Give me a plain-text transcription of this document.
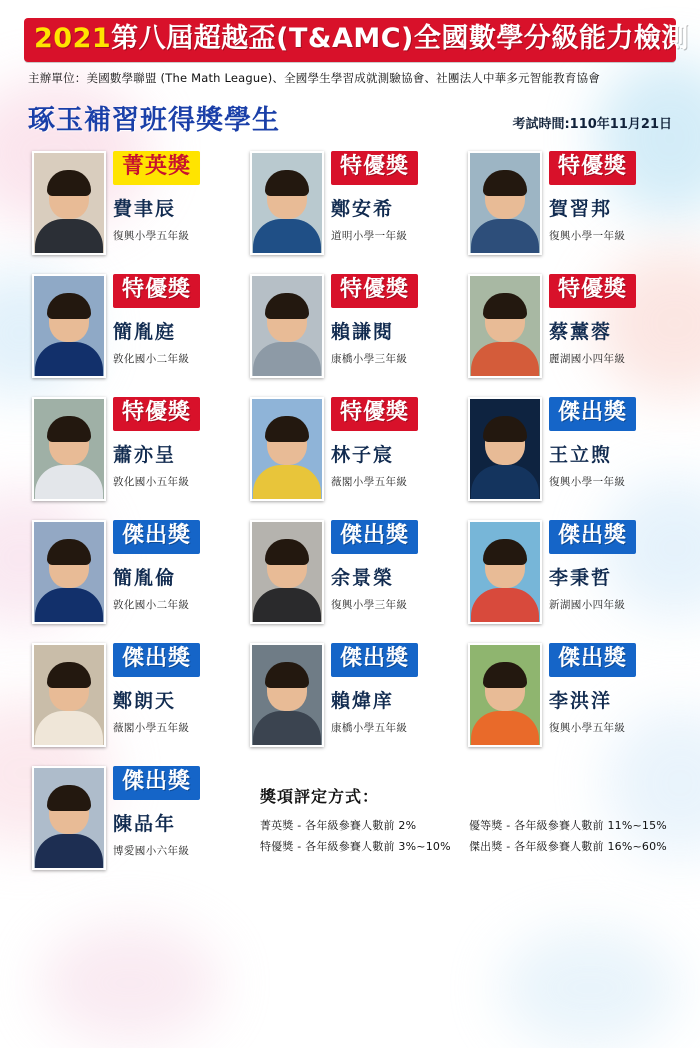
2021第八屆超越盃(T&AMC)全國數學分級能力檢測
主辦單位：美國數學聯盟 (The Math League)、全國學生學習成就測驗協會、社團法人中華多元智能教育協會
琢玉補習班得獎學生	考試時間:110年11月21日
菁英獎
費聿辰
復興小學五年級
特優獎
鄭安希
道明小學一年級
特優獎
賀習邦
復興小學一年級
特優獎
簡胤庭
敦化國小二年級
特優獎
賴謙閱
康橋小學三年級
特優獎
蔡薰蓉
麗湖國小四年級
特優獎
蕭亦呈
敦化國小五年級
特優獎
林子宸
薇閣小學五年級
傑出獎
王立煦
復興小學一年級
傑出獎
簡胤倫
敦化國小二年級
傑出獎
余景榮
復興小學三年級
傑出獎
李秉哲
新湖國小四年級
傑出獎
鄭朗天
薇閣小學五年級
傑出獎
賴煒庠
康橋小學五年級
傑出獎
李洪洋
復興小學五年級
傑出獎
陳品年
博愛國小六年級
獎項評定方式：
菁英獎 - 各年級參賽人數前 2%	優等獎 - 各年級參賽人數前 11%~15%
特優獎 - 各年級參賽人數前 3%~10%	傑出獎 - 各年級參賽人數前 16%~60%
